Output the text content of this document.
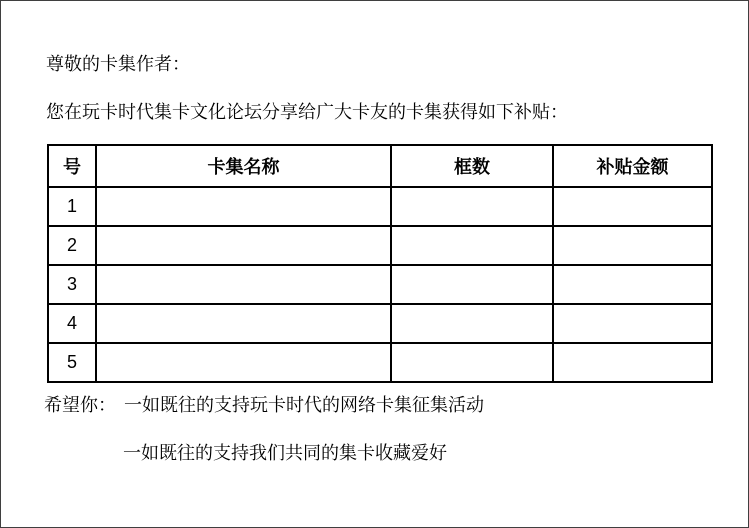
尊敬的卡集作者：
您在玩卡时代集卡文化论坛分享给广大卡友的卡集获得如下补贴：
号	卡集名称	框数	补贴金额
1			
2			
3			
4			
5			
希望你： 一如既往的支持玩卡时代的网络卡集征集活动
一如既往的支持我们共同的集卡收藏爱好
